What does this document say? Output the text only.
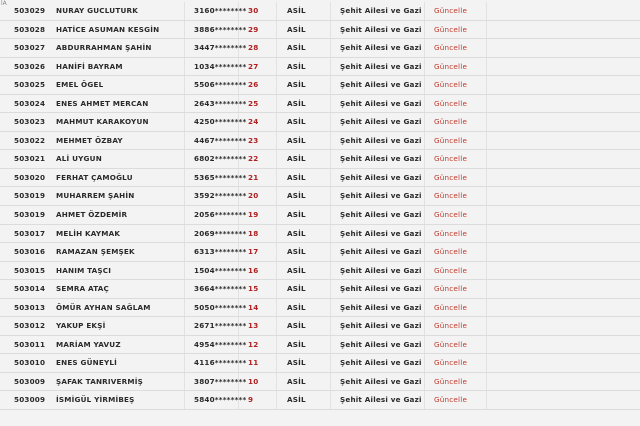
lA
503029 NURAY GUCLUTURK	3160******** 30	ASİL	Şehit Ailesi ve Gazi Güncelle
503028 HATİCE ASUMAN KESGİN	3886******** 29	ASİL	Şehit Ailesi ve Gazi Güncelle
503027 ABDURRAHMAN ŞAHİN	3447******** 28	ASİL	Şehit Ailesi ve Gazi Güncelle
503026 HANİFİ BAYRAM	1034******** 27	ASİL	Şehit Ailesi ve Gazi Güncelle
503025 EMEL ÖGEL	5506******** 26	ASİL	Şehit Ailesi ve Gazi Güncelle
503024 ENES AHMET MERCAN	2643******** 25	ASİL	Şehit Ailesi ve Gazi Güncelle
503023 MAHMUT KARAKOYUN	4250******** 24	ASİL	Şehit Ailesi ve Gazi Güncelle
503022 MEHMET ÖZBAY	4467******** 23	ASİL	Şehit Ailesi ve Gazi Güncelle
503021 ALİ UYGUN	6802******** 22	ASİL	Şehit Ailesi ve Gazi Güncelle
503020 FERHAT ÇAMOĞLU	5365******** 21	ASİL	Şehit Ailesi ve Gazi Güncelle
503019 MUHARREM ŞAHİN	3592******** 20	ASİL	Şehit Ailesi ve Gazi Güncelle
503019 AHMET ÖZDEMİR	2056******** 19	ASİL	Şehit Ailesi ve Gazi Güncelle
503017 MELİH KAYMAK	2069******** 18	ASİL	Şehit Ailesi ve Gazi Güncelle
503016 RAMAZAN ŞEMŞEK	6313******** 17	ASİL	Şehit Ailesi ve Gazi Güncelle
503015 HANIM TAŞCI	1504******** 16	ASİL	Şehit Ailesi ve Gazi Güncelle
503014 SEMRA ATAÇ	3664******** 15	ASİL	Şehit Ailesi ve Gazi Güncelle
503013 ÖMÜR AYHAN SAĞLAM	5050******** 14	ASİL	Şehit Ailesi ve Gazi Güncelle
503012 YAKUP EKŞİ	2671******** 13	ASİL	Şehit Ailesi ve Gazi Güncelle
503011 MARİAM YAVUZ	4954******** 12	ASİL	Şehit Ailesi ve Gazi Güncelle
503010 ENES GÜNEYLİ	4116******** 11	ASİL	Şehit Ailesi ve Gazi Güncelle
503009 ŞAFAK TANRIVERMİŞ	3807******** 10	ASİL	Şehit Ailesi ve Gazi Güncelle
503009 İSMİGÜL YİRMİBEŞ	5840******** 9	ASİL	Şehit Ailesi ve Gazi Güncelle
